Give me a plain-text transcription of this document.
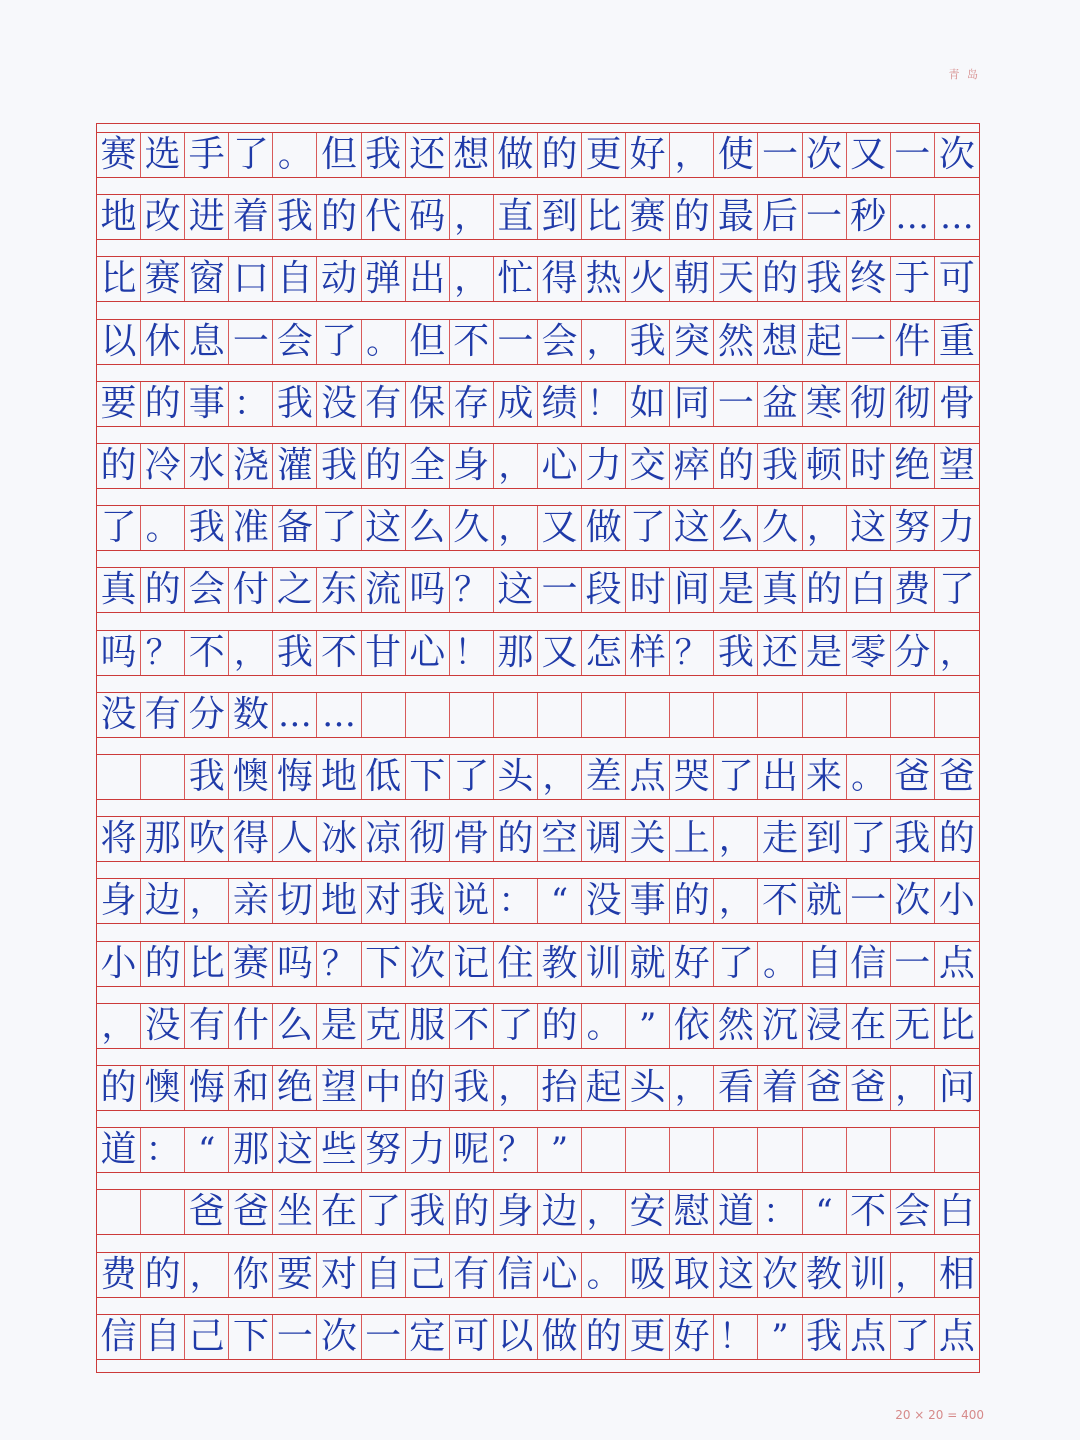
青 岛
赛 选 手 了 。 但 我 还 想 做 的 更 好 ， 使 一 次 又 一 次
地 改 进 着 我 的 代 码 ， 直 到 比 赛 的 最 后 一 秒 … …
比 赛 窗 口 自 动 弹 出 ， 忙 得 热 火 朝 天 的 我 终 于 可
以 休 息 一 会 了 。 但 不 一 会 ， 我 突 然 想 起 一 件 重
要 的 事 ： 我 没 有 保 存 成 绩 ！ 如 同 一 盆 寒 彻 彻 骨
的 冷 水 浇 灌 我 的 全 身 ， 心 力 交 瘁 的 我 顿 时 绝 望
了 。 我 准 备 了 这 么 久 ， 又 做 了 这 么 久 ， 这 努 力
真 的 会 付 之 东 流 吗 ？ 这 一 段 时 间 是 真 的 白 费 了
吗 ？ 不 ， 我 不 甘 心 ！ 那 又 怎 样 ？ 我 还 是 零 分 ，
没 有 分 数 … …
我 懊 悔 地 低 下 了 头 ， 差 点 哭 了 出 来 。 爸 爸
将 那 吹 得 人 冰 凉 彻 骨 的 空 调 关 上 ， 走 到 了 我 的
身 边 ， 亲 切 地 对 我 说 ： “ 没 事 的 ， 不 就 一 次 小
小 的 比 赛 吗 ？ 下 次 记 住 教 训 就 好 了 。 自 信 一 点
， 没 有 什 么 是 克 服 不 了 的 。 ” 依 然 沉 浸 在 无 比
的 懊 悔 和 绝 望 中 的 我 ， 抬 起 头 ， 看 着 爸 爸 ， 问
道 ： “ 那 这 些 努 力 呢 ？ ”
爸 爸 坐 在 了 我 的 身 边 ， 安 慰 道 ： “ 不 会 白
费 的 ， 你 要 对 自 己 有 信 心 。 吸 取 这 次 教 训 ， 相
信 自 己 下 一 次 一 定 可 以 做 的 更 好 ！ ” 我 点 了 点
20 × 20 = 400
